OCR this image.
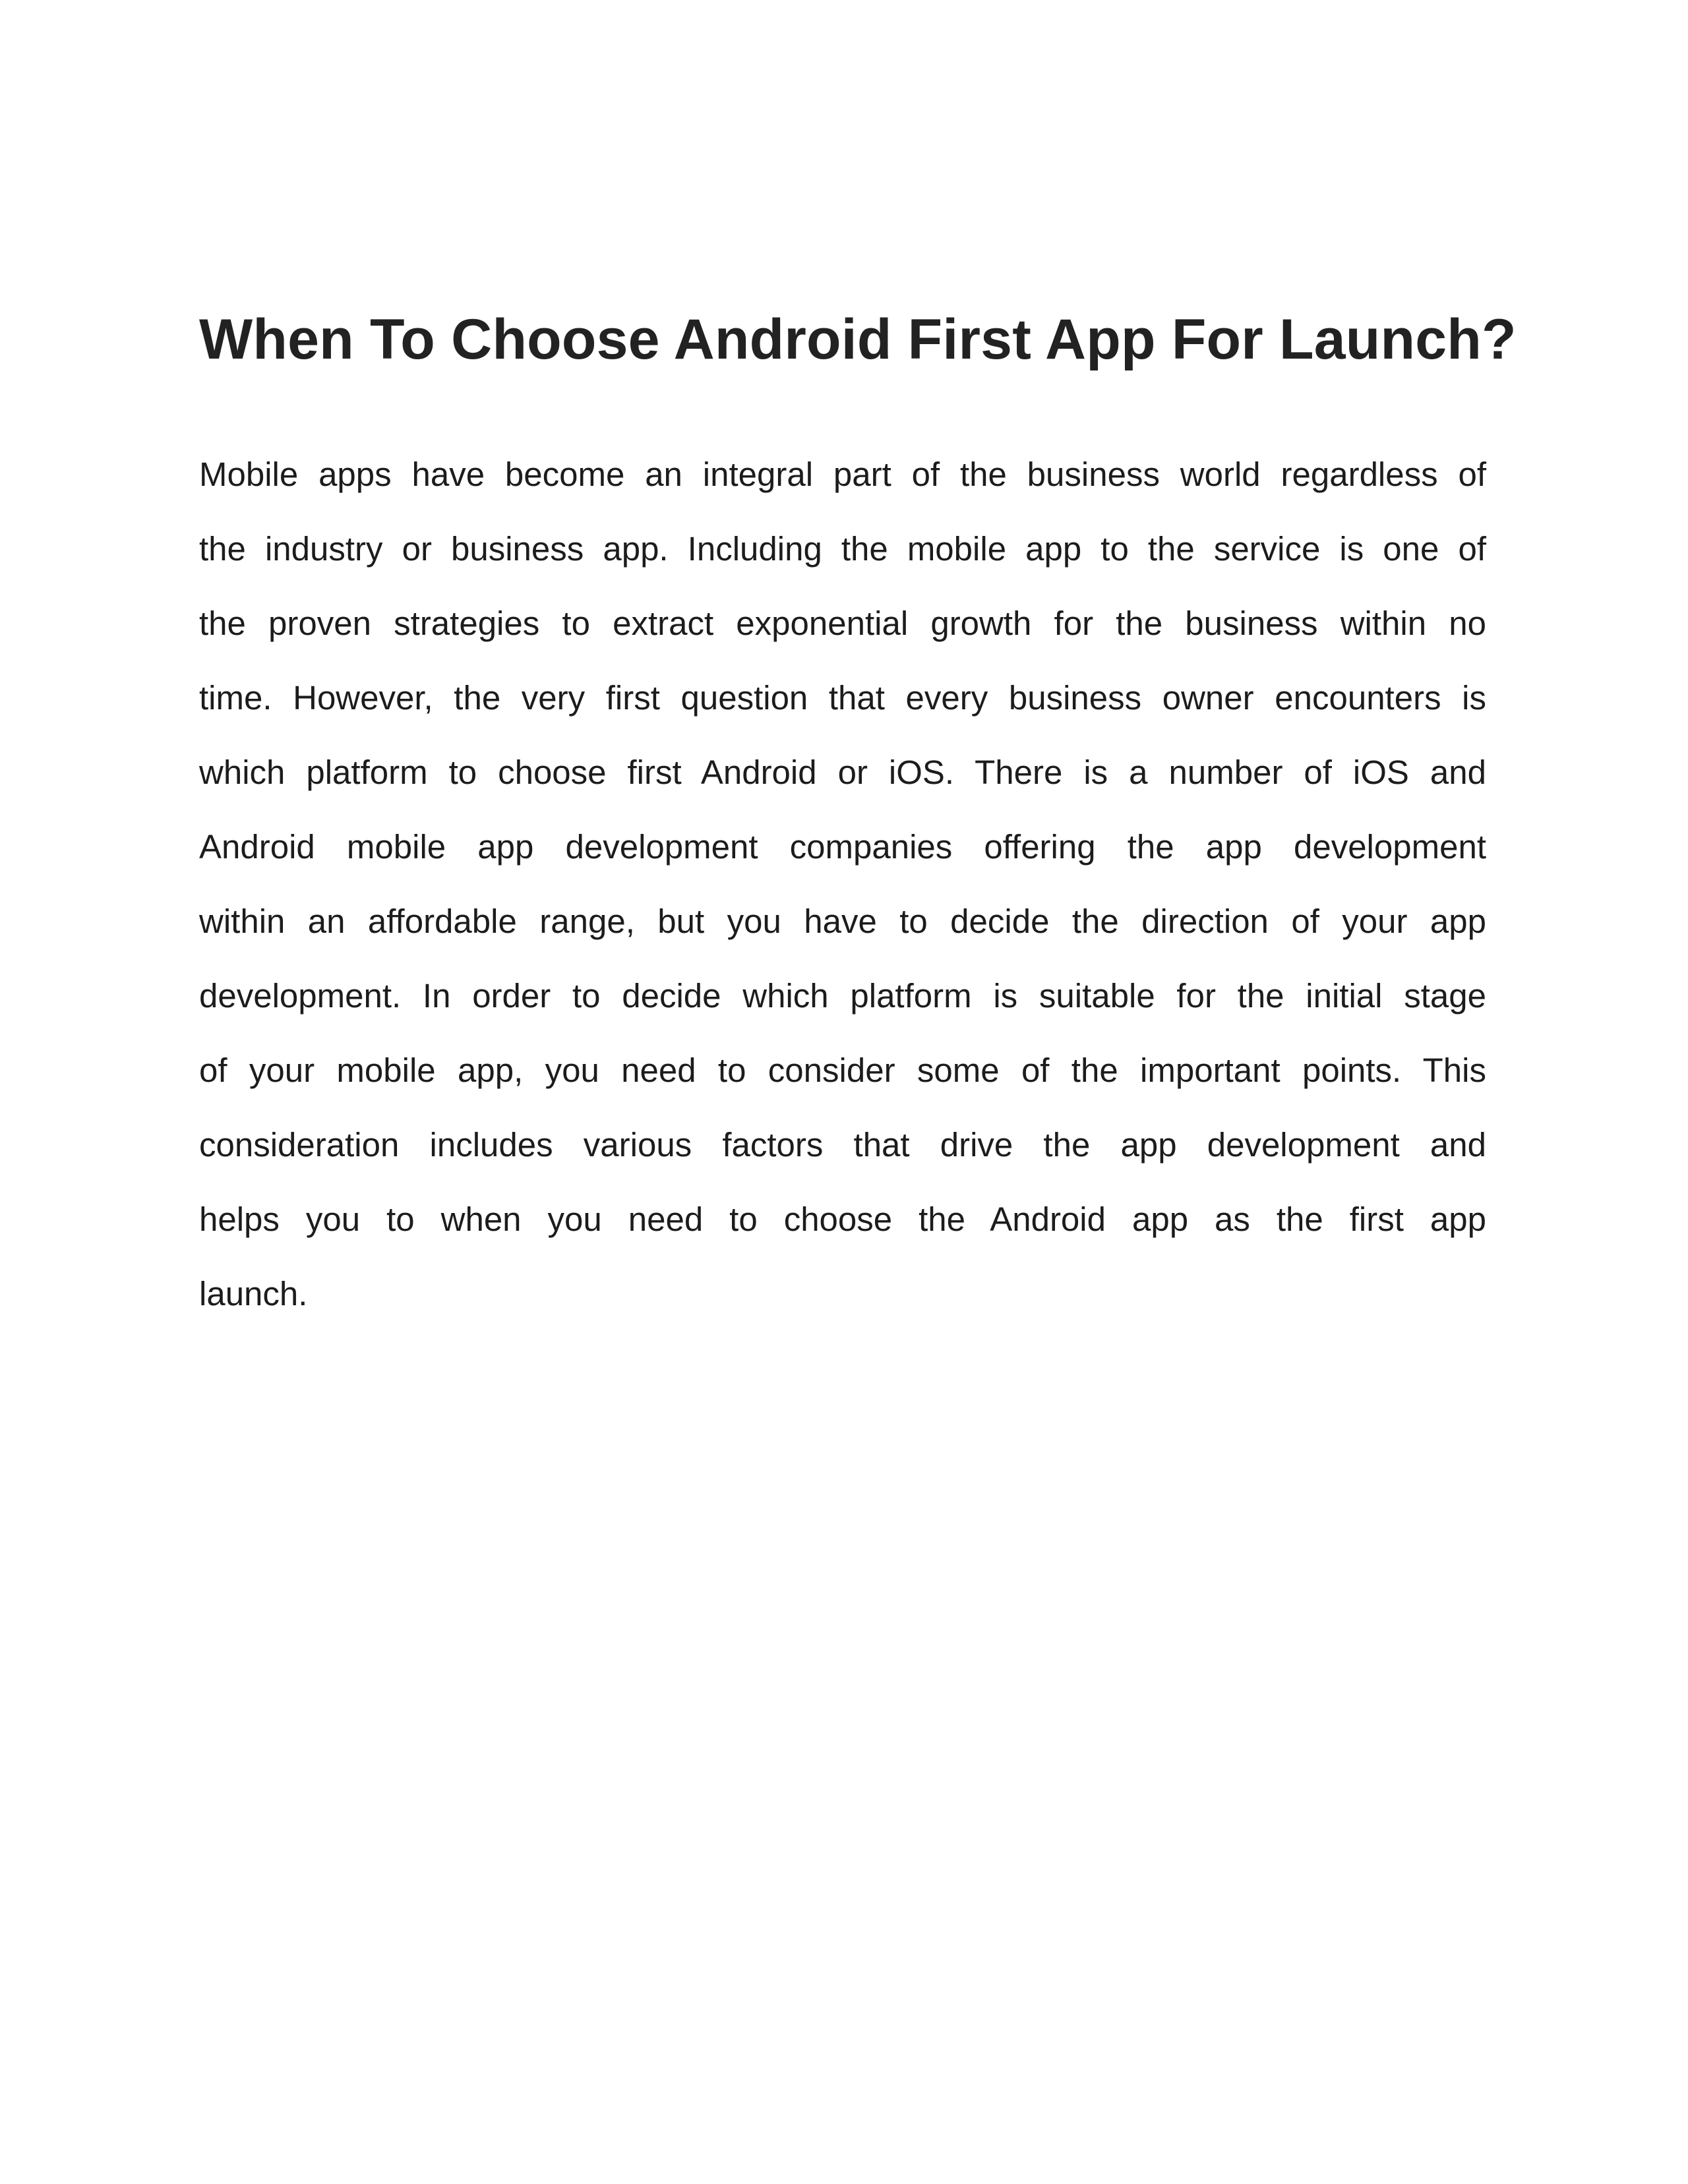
When To Choose Android First App For Launch?

Mobile apps have become an integral part of the business world regardless of
the industry or business app. Including the mobile app to the service is one of
the proven strategies to extract exponential growth for the business within no
time. However, the very first question that every business owner encounters is
which platform to choose first Android or iOS. There is a number of iOS and
Android mobile app development companies offering the app development
within an affordable range, but you have to decide the direction of your app
development. In order to decide which platform is suitable for the initial stage
of your mobile app, you need to consider some of the important points. This
consideration includes various factors that drive the app development and
helps you to when you need to choose the Android app as the first app
launch.
